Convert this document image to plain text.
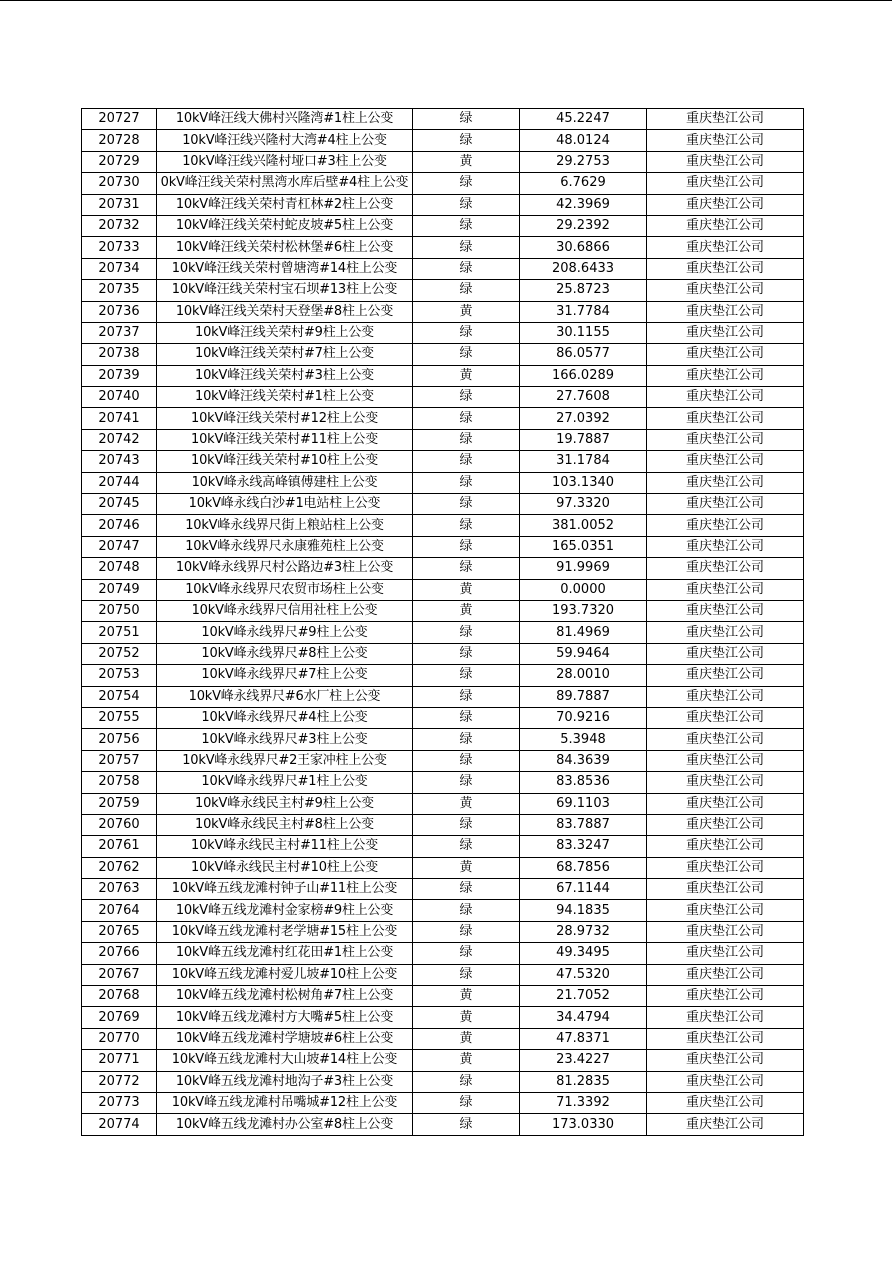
20727	10kV峰汪线大佛村兴隆湾#1柱上公变	绿	45.2247	重庆垫江公司
20728	10kV峰汪线兴隆村大湾#4柱上公变	绿	48.0124	重庆垫江公司
20729	10kV峰汪线兴隆村垭口#3柱上公变	黄	29.2753	重庆垫江公司
20730	0kV峰汪线关荣村黑湾水库后壁#4柱上公变	绿	6.7629	重庆垫江公司
20731	10kV峰汪线关荣村青杠林#2柱上公变	绿	42.3969	重庆垫江公司
20732	10kV峰汪线关荣村蛇皮坡#5柱上公变	绿	29.2392	重庆垫江公司
20733	10kV峰汪线关荣村松林堡#6柱上公变	绿	30.6866	重庆垫江公司
20734	10kV峰汪线关荣村曾塘湾#14柱上公变	绿	208.6433	重庆垫江公司
20735	10kV峰汪线关荣村宝石坝#13柱上公变	绿	25.8723	重庆垫江公司
20736	10kV峰汪线关荣村天登堡#8柱上公变	黄	31.7784	重庆垫江公司
20737	10kV峰汪线关荣村#9柱上公变	绿	30.1155	重庆垫江公司
20738	10kV峰汪线关荣村#7柱上公变	绿	86.0577	重庆垫江公司
20739	10kV峰汪线关荣村#3柱上公变	黄	166.0289	重庆垫江公司
20740	10kV峰汪线关荣村#1柱上公变	绿	27.7608	重庆垫江公司
20741	10kV峰汪线关荣村#12柱上公变	绿	27.0392	重庆垫江公司
20742	10kV峰汪线关荣村#11柱上公变	绿	19.7887	重庆垫江公司
20743	10kV峰汪线关荣村#10柱上公变	绿	31.1784	重庆垫江公司
20744	10kV峰永线高峰镇傅建柱上公变	绿	103.1340	重庆垫江公司
20745	10kV峰永线白沙#1电站柱上公变	绿	97.3320	重庆垫江公司
20746	10kV峰永线界尺街上粮站柱上公变	绿	381.0052	重庆垫江公司
20747	10kV峰永线界尺永康雅苑柱上公变	绿	165.0351	重庆垫江公司
20748	10kV峰永线界尺村公路边#3柱上公变	绿	91.9969	重庆垫江公司
20749	10kV峰永线界尺农贸市场柱上公变	黄	0.0000	重庆垫江公司
20750	10kV峰永线界尺信用社柱上公变	黄	193.7320	重庆垫江公司
20751	10kV峰永线界尺#9柱上公变	绿	81.4969	重庆垫江公司
20752	10kV峰永线界尺#8柱上公变	绿	59.9464	重庆垫江公司
20753	10kV峰永线界尺#7柱上公变	绿	28.0010	重庆垫江公司
20754	10kV峰永线界尺#6水厂柱上公变	绿	89.7887	重庆垫江公司
20755	10kV峰永线界尺#4柱上公变	绿	70.9216	重庆垫江公司
20756	10kV峰永线界尺#3柱上公变	绿	5.3948	重庆垫江公司
20757	10kV峰永线界尺#2王家冲柱上公变	绿	84.3639	重庆垫江公司
20758	10kV峰永线界尺#1柱上公变	绿	83.8536	重庆垫江公司
20759	10kV峰永线民主村#9柱上公变	黄	69.1103	重庆垫江公司
20760	10kV峰永线民主村#8柱上公变	绿	83.7887	重庆垫江公司
20761	10kV峰永线民主村#11柱上公变	绿	83.3247	重庆垫江公司
20762	10kV峰永线民主村#10柱上公变	黄	68.7856	重庆垫江公司
20763	10kV峰五线龙滩村钟子山#11柱上公变	绿	67.1144	重庆垫江公司
20764	10kV峰五线龙滩村金家榜#9柱上公变	绿	94.1835	重庆垫江公司
20765	10kV峰五线龙滩村老学塘#15柱上公变	绿	28.9732	重庆垫江公司
20766	10kV峰五线龙滩村红花田#1柱上公变	绿	49.3495	重庆垫江公司
20767	10kV峰五线龙滩村爱儿坡#10柱上公变	绿	47.5320	重庆垫江公司
20768	10kV峰五线龙滩村松树角#7柱上公变	黄	21.7052	重庆垫江公司
20769	10kV峰五线龙滩村方大嘴#5柱上公变	黄	34.4794	重庆垫江公司
20770	10kV峰五线龙滩村学塘坡#6柱上公变	黄	47.8371	重庆垫江公司
20771	10kV峰五线龙滩村大山坡#14柱上公变	黄	23.4227	重庆垫江公司
20772	10kV峰五线龙滩村地沟子#3柱上公变	绿	81.2835	重庆垫江公司
20773	10kV峰五线龙滩村吊嘴城#12柱上公变	绿	71.3392	重庆垫江公司
20774	10kV峰五线龙滩村办公室#8柱上公变	绿	173.0330	重庆垫江公司
